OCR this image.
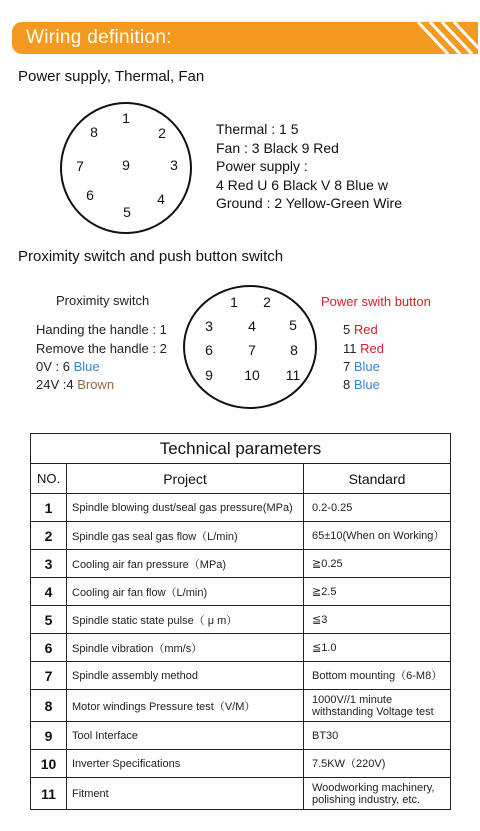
Wiring definition:
Power supply, Thermal, Fan
1
2
3
4
5
6
7
8
9
Thermal : 1 5
Fan : 3 Black 9 Red
Power supply :
4 Red U 6 Black V 8 Blue w
Ground : 2 Yellow-Green Wire
Proximity switch and push button switch
Proximity switch
Handing the handle : 1
Remove the handle : 2
0V : 6 Blue
24V :4 Brown
1	2
3	4	5
6	7	8
9	10	11
Power swith button
5 Red
11 Red
7 Blue
8 Blue
Technical parameters		
NO.	Project	Standard
1	Spindle blowing dust/seal gas pressure(MPa)	0.2-0.25
2	Spindle gas seal gas flow（L/min)	65±10(When on Working）
3	Cooling air fan pressure（MPa)	≧0.25
4	Cooling air fan flow（L/min)	≧2.5
5	Spindle static state pulse（ μ m）	≦3
6	Spindle vibration（mm/s）	≦1.0
7	Spindle assembly method	Bottom mounting（6-M8）
8	Motor windings Pressure test（V/M）	1000V//1 minute withstanding Voltage test
9	Tool Interface	BT30
10	Inverter Specifications	7.5KW（220V)
11	Fitment	Woodworking machinery, polishing industry, etc.
